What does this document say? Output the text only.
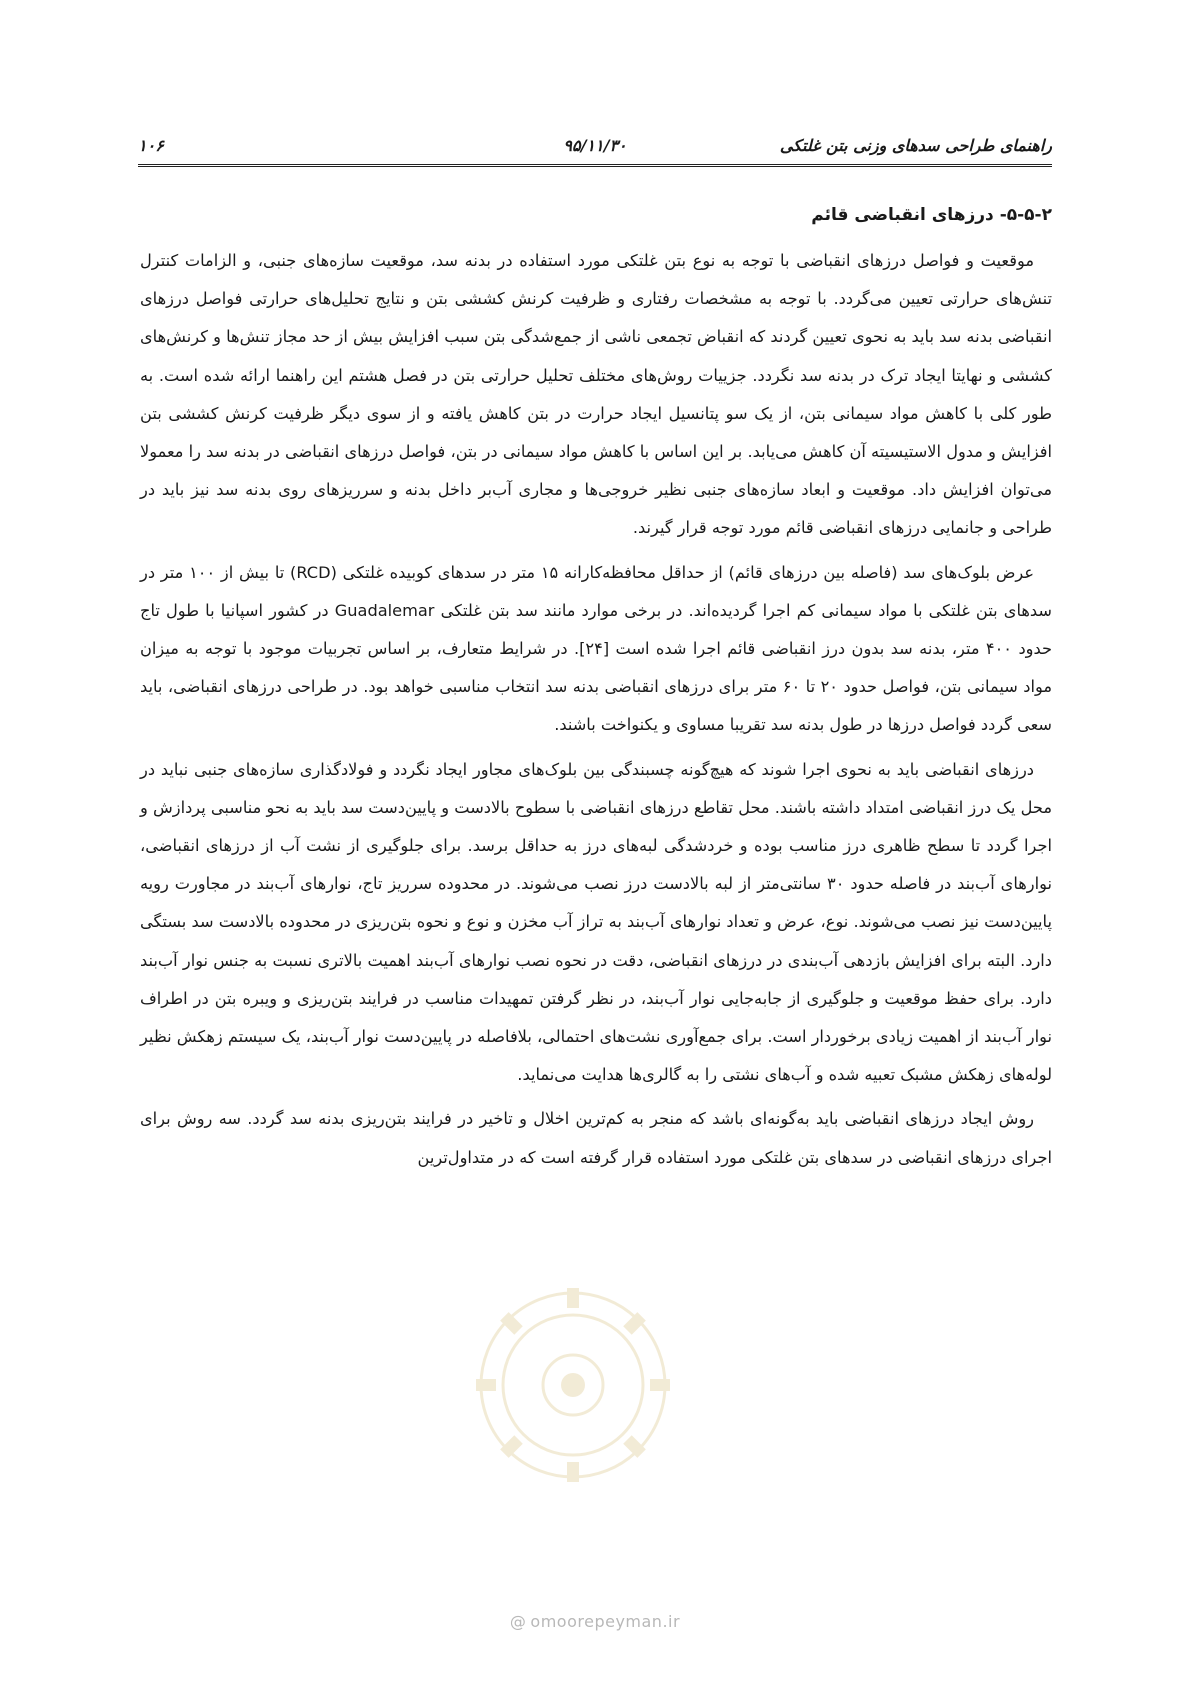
راهنمای طراحی سدهای وزنی بتن غلتکی
۹۵/۱۱/۳۰
۱۰۶
۵-۵-۲- درزهای انقباضی قائم

موقعیت و فواصل درزهای انقباضی با توجه به نوع بتن غلتکی مورد استفاده در بدنه سد، موقعیت سازه‌های جنبی، و الزامات کنترل تنش‌های حرارتی تعیین می‌گردد. با توجه به مشخصات رفتاری و ظرفیت کرنش کششی بتن و نتایج تحلیل‌های حرارتی فواصل درزهای انقباضی بدنه سد باید به نحوی تعیین گردند که انقباض تجمعی ناشی از جمع‌شدگی بتن سبب افزایش بیش از حد مجاز تنش‌ها و کرنش‌های کششی و نهایتا ایجاد ترک در بدنه سد نگردد. جزییات روش‌های مختلف تحلیل حرارتی بتن در فصل هشتم این راهنما ارائه شده است. به طور کلی با کاهش مواد سیمانی بتن، از یک سو پتانسیل ایجاد حرارت در بتن کاهش یافته و از سوی دیگر ظرفیت کرنش کششی بتن افزایش و مدول الاستیسیته آن کاهش می‌یابد. بر این اساس با کاهش مواد سیمانی در بتن، فواصل درزهای انقباضی در بدنه سد را معمولا می‌توان افزایش داد. موقعیت و ابعاد سازه‌های جنبی نظیر خروجی‌ها و مجاری آب‌بر داخل بدنه و سرریزهای روی بدنه سد نیز باید در طراحی و جانمایی درزهای انقباضی قائم مورد توجه قرار گیرند.

عرض بلوک‌های سد (فاصله بین درزهای قائم) از حداقل محافظه‌کارانه ۱۵ متر در سدهای کوبیده غلتکی (RCD) تا بیش از ۱۰۰ متر در سدهای بتن غلتکی با مواد سیمانی کم اجرا گردیده‌اند. در برخی موارد مانند سد بتن غلتکی Guadalemar در کشور اسپانیا با طول تاج حدود ۴۰۰ متر، بدنه سد بدون درز انقباضی قائم اجرا شده است [۲۴]. در شرایط متعارف، بر اساس تجربیات موجود با توجه به میزان مواد سیمانی بتن، فواصل حدود ۲۰ تا ۶۰ متر برای درزهای انقباضی بدنه سد انتخاب مناسبی خواهد بود. در طراحی درزهای انقباضی، باید سعی گردد فواصل درزها در طول بدنه سد تقریبا مساوی و یکنواخت باشند.

درزهای انقباضی باید به نحوی اجرا شوند که هیچ‌گونه چسبندگی بین بلوک‌های مجاور ایجاد نگردد و فولادگذاری سازه‌های جنبی نباید در محل یک درز انقباضی امتداد داشته باشند. محل تقاطع درزهای انقباضی با سطوح بالادست و پایین‌دست سد باید به نحو مناسبی پردازش و اجرا گردد تا سطح ظاهری درز مناسب بوده و خردشدگی لبه‌های درز به حداقل برسد. برای جلوگیری از نشت آب از درزهای انقباضی، نوارهای آب‌بند در فاصله حدود ۳۰ سانتی‌متر از لبه بالادست درز نصب می‌شوند. در محدوده سرریز تاج، نوارهای آب‌بند در مجاورت رویه پایین‌دست نیز نصب می‌شوند. نوع، عرض و تعداد نوارهای آب‌بند به تراز آب مخزن و نوع و نحوه بتن‌ریزی در محدوده بالادست سد بستگی دارد. البته برای افزایش بازدهی آب‌بندی در درزهای انقباضی، دقت در نحوه نصب نوارهای آب‌بند اهمیت بالاتری نسبت به جنس نوار آب‌بند دارد. برای حفظ موقعیت و جلوگیری از جابه‌جایی نوار آب‌بند، در نظر گرفتن تمهیدات مناسب در فرایند بتن‌ریزی و ویبره بتن در اطراف نوار آب‌بند از اهمیت زیادی برخوردار است. برای جمع‌آوری نشت‌های احتمالی، بلافاصله در پایین‌دست نوار آب‌بند، یک سیستم زهکش نظیر لوله‌های زهکش مشبک تعبیه شده و آب‌های نشتی را به گالری‌ها هدایت می‌نماید.

روش ایجاد درزهای انقباضی باید به‌گونه‌ای باشد که منجر به کم‌ترین اخلال و تاخیر در فرایند بتن‌ریزی بدنه سد گردد. سه روش برای اجرای درزهای انقباضی در سدهای بتن غلتکی مورد استفاده قرار گرفته است که در متداول‌ترین

@ omoorepeyman.ir
